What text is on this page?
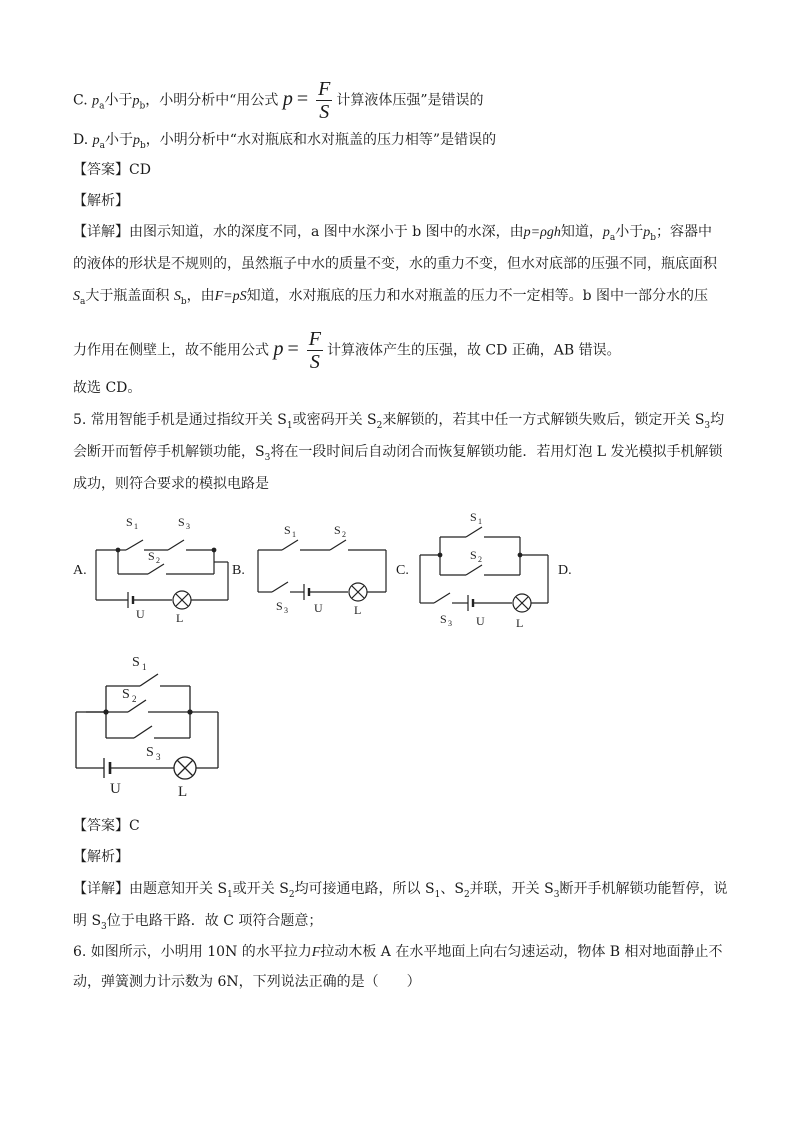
C. $p_a$小于$p_b$，小明分析中“用公式 $p = \frac{F}{S}$ 计算液体压强”是错误的
D. $p_a$小于$p_b$，小明分析中“水对瓶底和水对瓶盖的压力相等”是错误的
【答案】CD
【解析】
【详解】由图示知道，水的深度不同，a 图中水深小于 b 图中的水深，由p=ρgh知道，$p_a$小于$p_b$；容器中
的液体的形状是不规则的，虽然瓶子中水的质量不变，水的重力不变，但水对底部的压强不同，瓶底面积
$S_a$大于瓶盖面积 $S_b$，由F=pS知道，水对瓶底的压力和水对瓶盖的压力不一定相等。b 图中一部分水的压
力作用在侧壁上，故不能用公式 $p = \frac{F}{S}$ 计算液体产生的压强，故 CD 正确，AB 错误。
故选 CD。
5. 常用智能手机是通过指纹开关 $S_1$或密码开关 $S_2$来解锁的，若其中任一方式解锁失败后，锁定开关 $S_3$均
会断开而暂停手机解锁功能，$S_3$将在一段时间后自动闭合而恢复解锁功能．若用灯泡 L 发光模拟手机解锁
成功，则符合要求的模拟电路是
A.	B.	C.	D.
S 1	S 3
S 2
U	L
S 1	S 2
S 3 U	L
S 1
S 2
S 3 U	L
S 1
S 2
S 3
U	L
【答案】C
【解析】
【详解】由题意知开关 $S_1$或开关 $S_2$均可接通电路，所以 $S_1$、$S_2$并联，开关 $S_3$断开手机解锁功能暂停，说
明 $S_3$位于电路干路．故 C 项符合题意；
6. 如图所示，小明用 10N 的水平拉力F拉动木板 A 在水平地面上向右匀速运动，物体 B 相对地面静止不
动，弹簧测力计示数为 6N，下列说法正确的是（　　）
